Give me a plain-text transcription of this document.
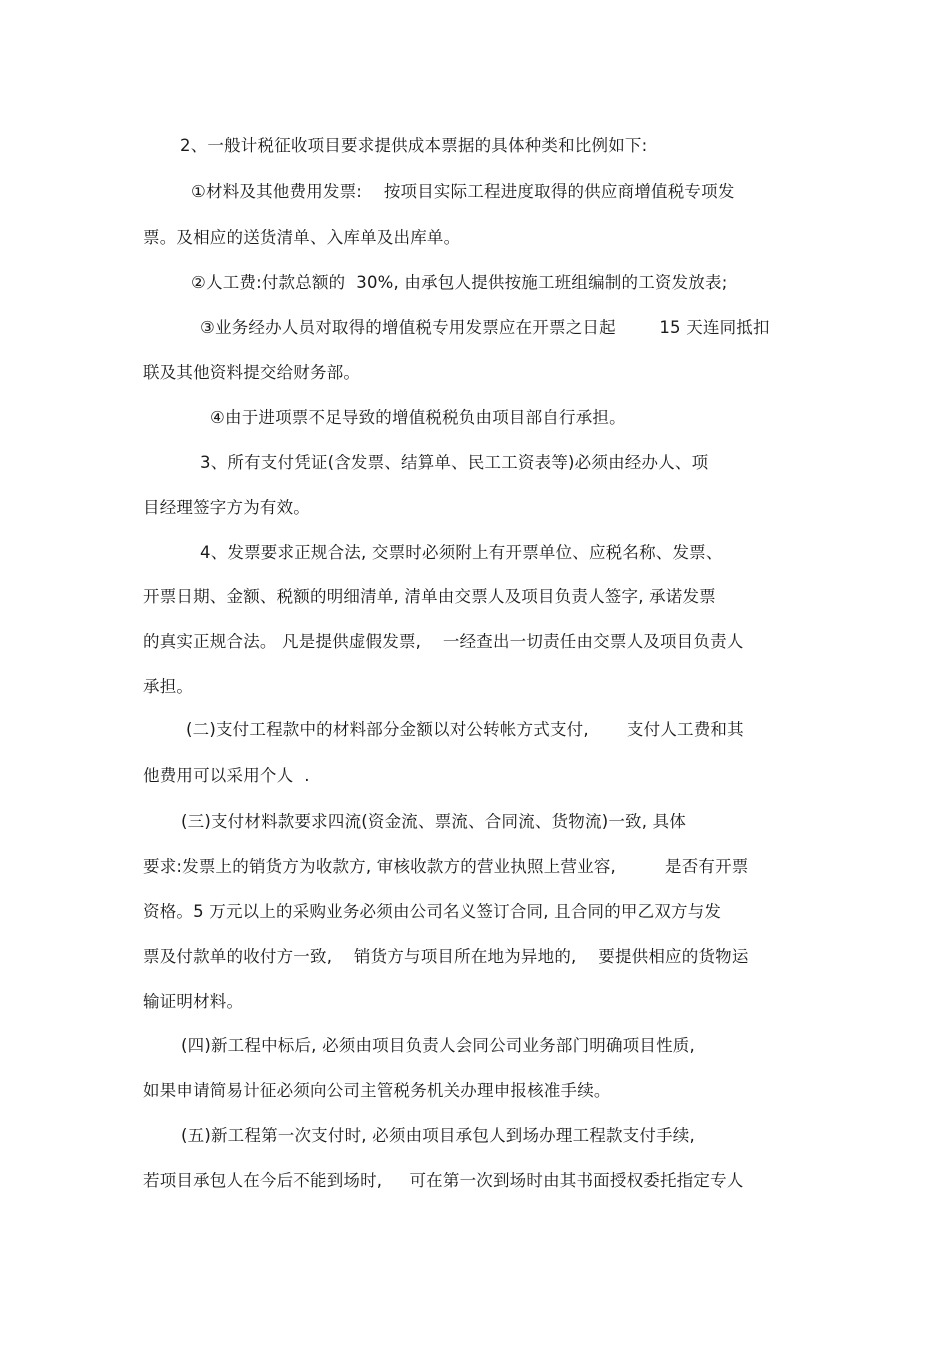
2、一般计税征收项目要求提供成本票据的具体种类和比例如下:
①材料及其他费用发票:    按项目实际工程进度取得的供应商增值税专项发
票。及相应的送货清单、入库单及出库单。
②人工费:付款总额的  30%, 由承包人提供按施工班组编制的工资发放表;
③业务经办人员对取得的增值税专用发票应在开票之日起        15 天连同抵扣
联及其他资料提交给财务部。
④由于进项票不足导致的增值税税负由项目部自行承担。
3、所有支付凭证(含发票、结算单、民工工资表等)必须由经办人、项
目经理签字方为有效。
4、发票要求正规合法, 交票时必须附上有开票单位、应税名称、发票、
开票日期、金额、税额的明细清单, 清单由交票人及项目负责人签字, 承诺发票
的真实正规合法。 凡是提供虚假发票,    一经查出一切责任由交票人及项目负责人
承担。
(二)支付工程款中的材料部分金额以对公转帐方式支付,       支付人工费和其
他费用可以采用个人  .
(三)支付材料款要求四流(资金流、票流、合同流、货物流)一致, 具体
要求:发票上的销货方为收款方, 审核收款方的营业执照上营业容,         是否有开票
资格。5 万元以上的采购业务必须由公司名义签订合同, 且合同的甲乙双方与发
票及付款单的收付方一致,    销货方与项目所在地为异地的,    要提供相应的货物运
输证明材料。
(四)新工程中标后, 必须由项目负责人会同公司业务部门明确项目性质,
如果申请简易计征必须向公司主管税务机关办理申报核准手续。
(五)新工程第一次支付时, 必须由项目承包人到场办理工程款支付手续,
若项目承包人在今后不能到场时,     可在第一次到场时由其书面授权委托指定专人
